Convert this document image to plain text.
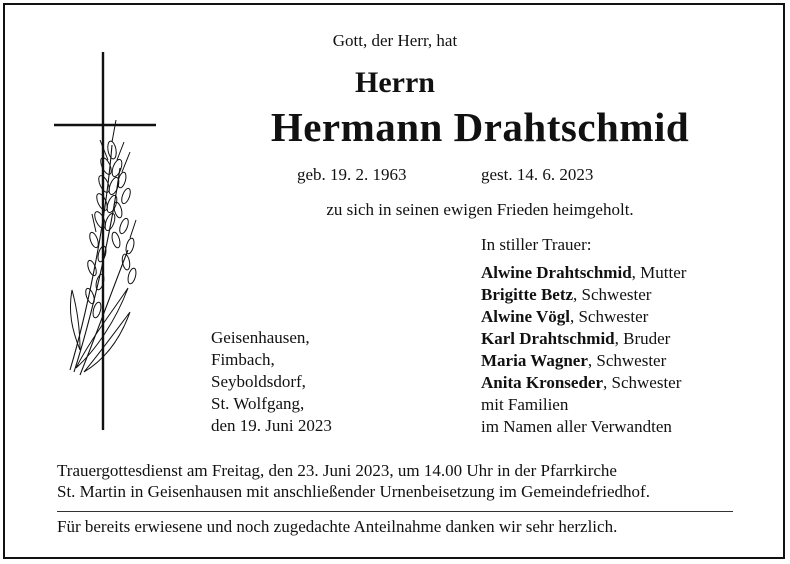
Gott, der Herr, hat
Herrn
Hermann Drahtschmid
geb. 19. 2. 1963	gest. 14. 6. 2023
zu sich in seinen ewigen Frieden heimgeholt.
In stiller Trauer:
Alwine Drahtschmid, Mutter
Brigitte Betz, Schwester
Alwine Vögl, Schwester
Karl Drahtschmid, Bruder
Maria Wagner, Schwester
Anita Kronseder, Schwester
mit Familien
im Namen aller Verwandten
Geisenhausen,
Fimbach,
Seyboldsdorf,
St. Wolfgang,
den 19. Juni 2023
Trauergottesdienst am Freitag, den 23. Juni 2023, um 14.00 Uhr in der Pfarrkirche
St. Martin in Geisenhausen mit anschließender Urnenbeisetzung im Gemeindefriedhof.
Für bereits erwiesene und noch zugedachte Anteilnahme danken wir sehr herzlich.
